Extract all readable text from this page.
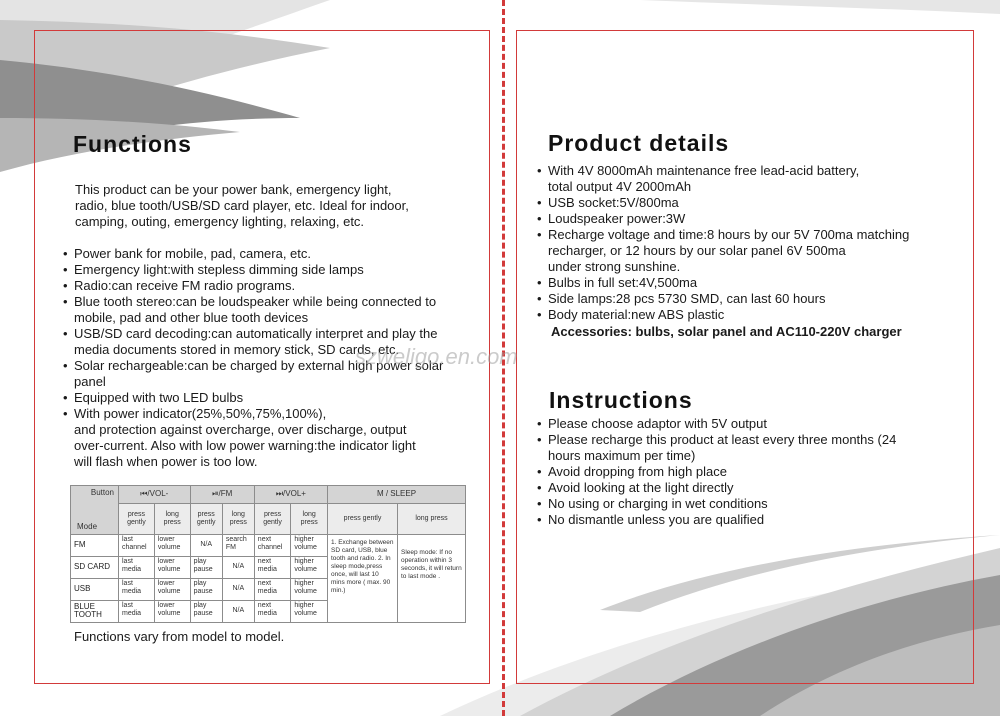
Functions
This product can be your power bank, emergency light,
radio, blue tooth/USB/SD card player, etc. Ideal for indoor,
camping, outing, emergency lighting, relaxing, etc.
• Power bank for mobile, pad, camera, etc.
• Emergency light:with stepless dimming side lamps
• Radio:can receive FM radio programs.
• Blue tooth stereo:can be loudspeaker while being connected to
mobile, pad and other blue tooth devices
• USB/SD card decoding:can automatically interpret and play the
media documents stored in memory stick, SD cards, etc.
• Solar rechargeable:can be charged by external high power solar
panel
• Equipped with two LED bulbs
• With power indicator(25%,50%,75%,100%),
and protection against overcharge, over discharge, output
over-current. Also with low power warning:the indicator light
will flash when power is too low.
Button
Mode	⏮/VOL-		⏯/FM		⏭/VOL+		M / SLEEP	
	press gently	long press	press gently	long press	press gently	long press	press gently	long press
FM	last channel	lower volume	N/A	search FM	next channel	higher volume	1. Exchange between SD card, USB, blue tooth and radio. 2. In sleep mode,press once, will last 10 mins more ( max. 90 min.)	Sleep mode: If no operation within 3 seconds, it will return to last mode .
SD CARD	last media	lower volume	play pause	N/A	next media	higher volume		
USB	last media	lower volume	play pause	N/A	next media	higher volume		
BLUE TOOTH	last media	lower volume	play pause	N/A	next media	higher volume		
Functions vary from model to model.
Product details
• With 4V 8000mAh maintenance free lead-acid battery,
total output 4V 2000mAh
• USB socket:5V/800ma
• Loudspeaker power:3W
• Recharge voltage and time:8 hours by our 5V 700ma matching
recharger, or 12 hours by our solar panel 6V 500ma
under strong sunshine.
• Bulbs in full set:4V,500ma
• Side lamps:28 pcs 5730 SMD, can last 60 hours
• Body material:new ABS plastic
Accessories: bulbs, solar panel and AC110-220V charger
Instructions
• Please choose adaptor with 5V output
• Please recharge this product at least every three months (24
hours maximum per time)
• Avoid dropping from high place
• Avoid looking at the light directly
• No using or charging in wet conditions
• No dismantle unless you are qualified
szweligo.en.com
